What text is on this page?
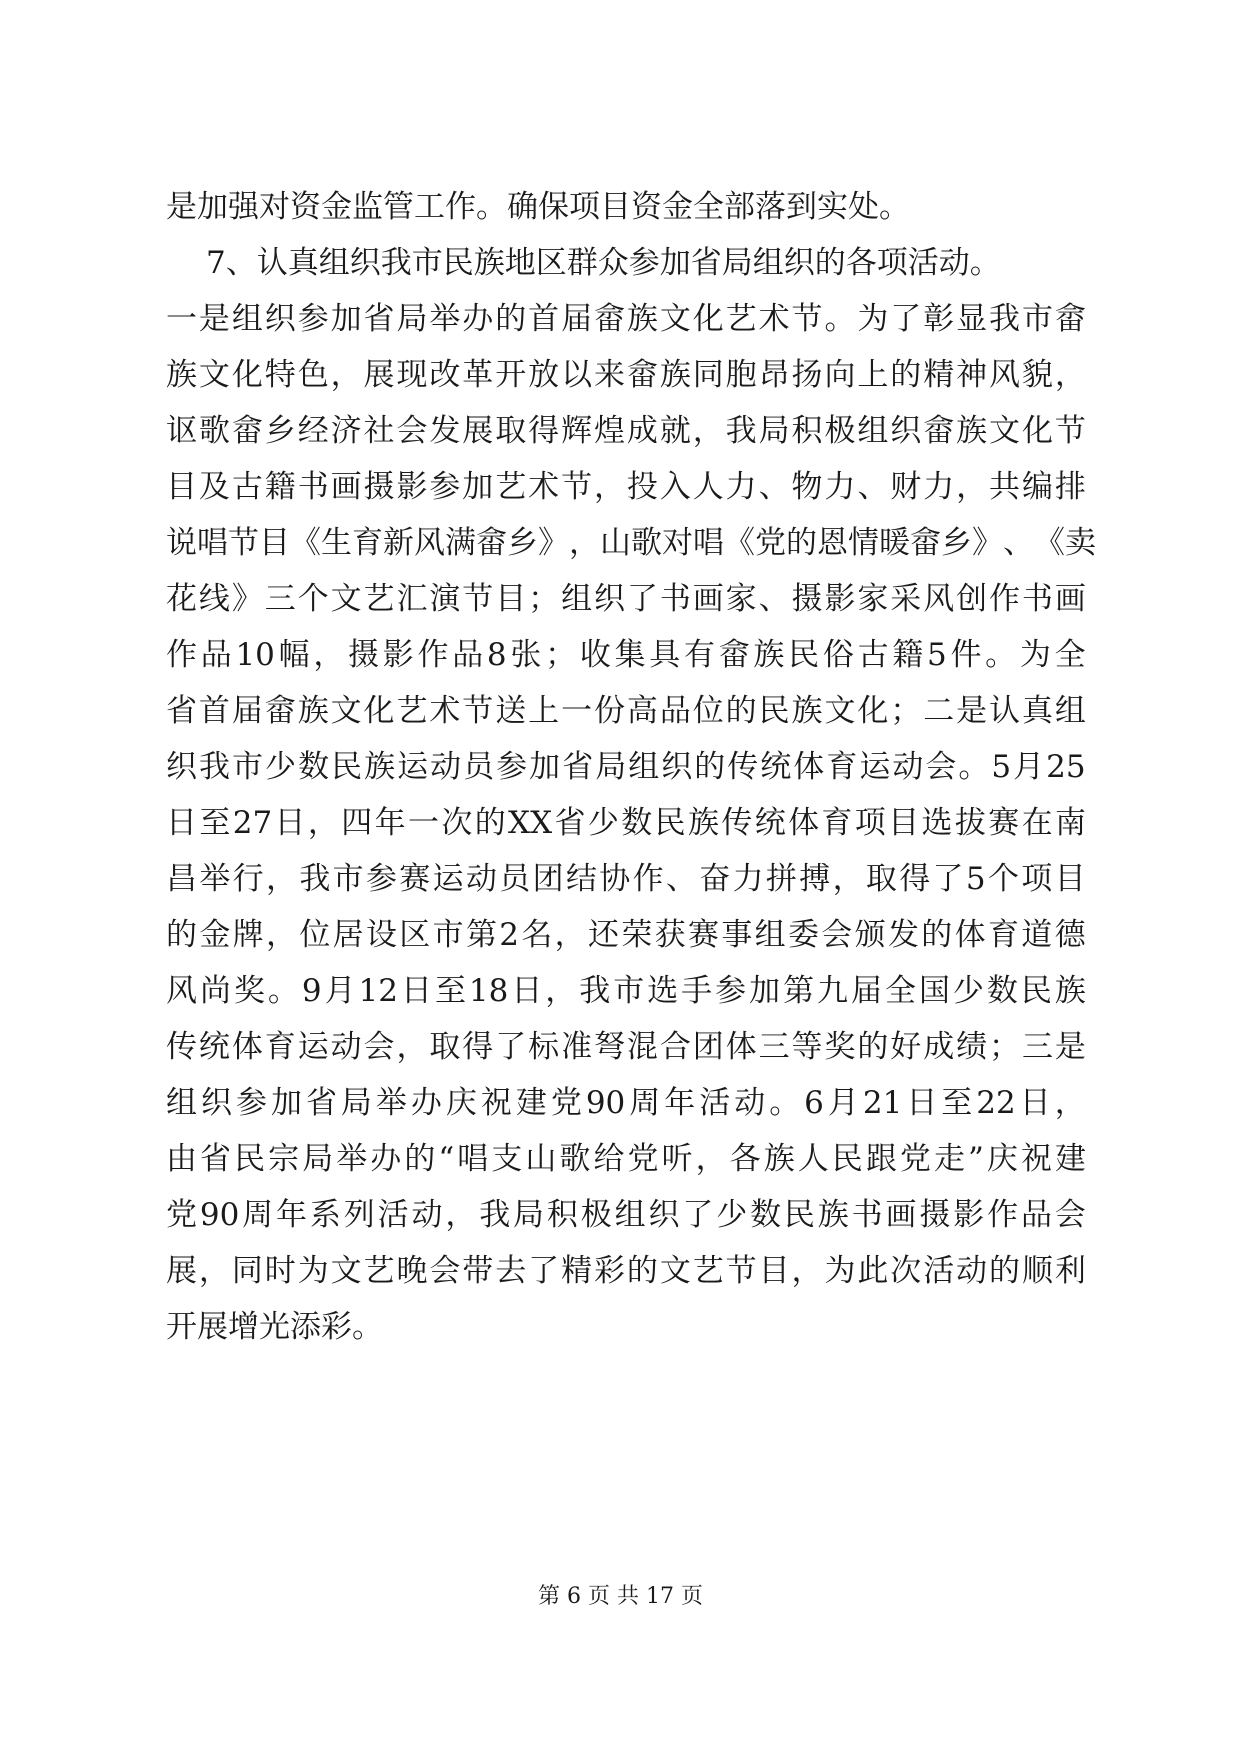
是加强对资金监管工作。确保项目资金全部落到实处。
7、认真组织我市民族地区群众参加省局组织的各项活动。
一 是 组 织 参 加 省 局 举 办 的 首 届 畲 族 文 化 艺 术 节 。 为 了 彰 显 我 市 畲
族 文 化 特 色 ， 展 现 改 革 开 放 以 来 畲 族 同 胞 昂 扬 向 上 的 精 神 风 貌 ，
讴 歌 畲 乡 经 济 社 会 发 展 取 得 辉 煌 成 就 ， 我 局 积 极 组 织 畲 族 文 化 节
目 及 古 籍 书 画 摄 影 参 加 艺 术 节 ， 投 入 人 力 、 物 力 、 财 力 ， 共 编 排
说 唱 节 目 《 生 育 新 风 满 畲 乡 》 ， 山 歌 对 唱 《 党 的 恩 情 暖 畲 乡 》 、 《 卖
花 线 》 三 个 文 艺 汇 演 节 目 ； 组 织 了 书 画 家 、 摄 影 家 采 风 创 作 书 画
作 品 10 幅 ， 摄 影 作 品 8 张 ； 收 集 具 有 畲 族 民 俗 古 籍 5 件 。 为 全
省 首 届 畲 族 文 化 艺 术 节 送 上 一 份 高 品 位 的 民 族 文 化 ； 二 是 认 真 组
织 我 市 少 数 民 族 运 动 员 参 加 省 局 组 织 的 传 统 体 育 运 动 会 。 5 月 25
日 至 27 日 ， 四 年 一 次 的 XX 省 少 数 民 族 传 统 体 育 项 目 选 拔 赛 在 南
昌 举 行 ， 我 市 参 赛 运 动 员 团 结 协 作 、 奋 力 拼 搏 ， 取 得 了 5 个 项 目
的 金 牌 ， 位 居 设 区 市 第 2 名 ， 还 荣 获 赛 事 组 委 会 颁 发 的 体 育 道 德
风 尚 奖 。 9 月 12 日 至 18 日 ， 我 市 选 手 参 加 第 九 届 全 国 少 数 民 族
传 统 体 育 运 动 会 ， 取 得 了 标 准 弩 混 合 团 体 三 等 奖 的 好 成 绩 ； 三 是
组 织 参 加 省 局 举 办 庆 祝 建 党 90 周 年 活 动 。 6 月 21 日 至 22 日 ，
由 省 民 宗 局 举 办 的 “ 唱 支 山 歌 给 党 听 ， 各 族 人 民 跟 党 走 ” 庆 祝 建
党 90 周 年 系 列 活 动 ， 我 局 积 极 组 织 了 少 数 民 族 书 画 摄 影 作 品 会
展 ， 同 时 为 文 艺 晚 会 带 去 了 精 彩 的 文 艺 节 目 ， 为 此 次 活 动 的 顺 利
开展增光添彩。
第 6 页 共 17 页
